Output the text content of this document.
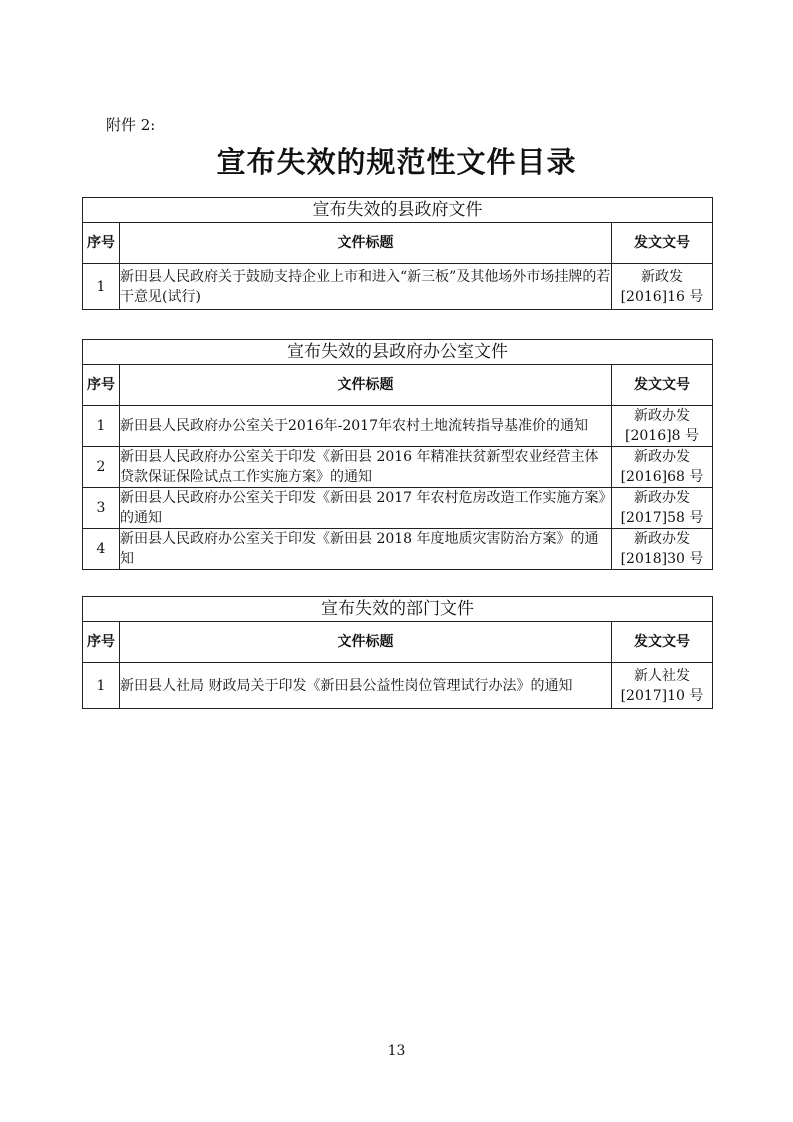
附件 2:
宣布失效的规范性文件目录
宣布失效的县政府文件		
序号	文件标题	发文文号
1	新田县人民政府关于鼓励支持企业上市和进入“新三板”及其他场外市场挂牌的若干意见(试行)	新政发
[2016]16 号
宣布失效的县政府办公室文件		
序号	文件标题	发文文号
1	新田县人民政府办公室关于2016年-2017年农村土地流转指导基准价的通知	新政办发
[2016]8 号

2	新田县人民政府办公室关于印发《新田县 2016 年精准扶贫新型农业经营主体贷款保证保险试点工作实施方案》的通知	新政办发
[2016]68 号

3	新田县人民政府办公室关于印发《新田县 2017 年农村危房改造工作实施方案》的通知	新政办发
[2017]58 号

4	新田县人民政府办公室关于印发《新田县 2018 年度地质灾害防治方案》的通知	新政办发
[2018]30 号
宣布失效的部门文件		
序号	文件标题	发文文号
1	新田县人社局 财政局关于印发《新田县公益性岗位管理试行办法》的通知	新人社发
[2017]10 号
13
